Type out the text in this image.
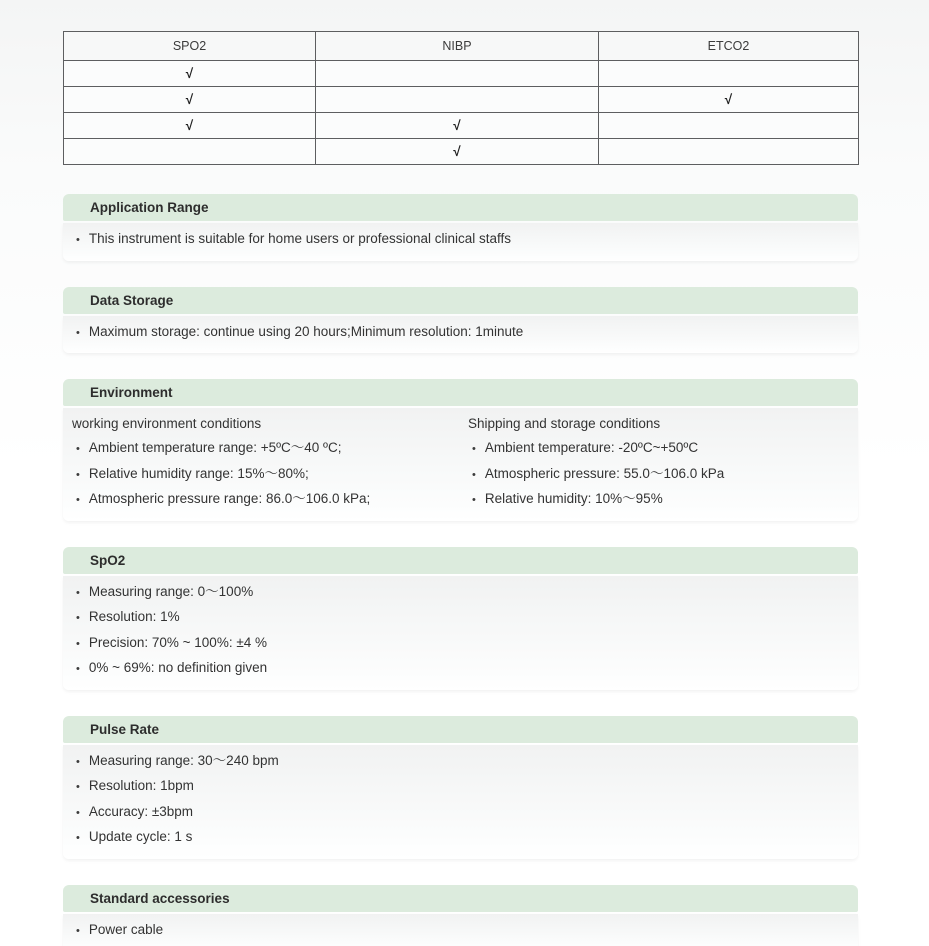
SPO2	NIBP	ETCO2
√		
√		√
√	√	
	√	
Application Range
• This instrument is suitable for home users or professional clinical staffs
Data Storage
• Maximum storage: continue using 20 hours;Minimum resolution: 1minute
Environment
working environment conditions
• Ambient temperature range: +5ºC～40 ºC;
• Relative humidity range: 15%～80%;
• Atmospheric pressure range: 86.0～106.0 kPa;
Shipping and storage conditions
• Ambient temperature: -20ºC~+50ºC
• Atmospheric pressure: 55.0～106.0 kPa
• Relative humidity: 10%～95%
SpO2
• Measuring range: 0～100%
• Resolution: 1%
• Precision: 70% ~ 100%: ±4 %
• 0% ~ 69%: no definition given
Pulse Rate
• Measuring range: 30～240 bpm
• Resolution: 1bpm
• Accuracy: ±3bpm
• Update cycle: 1 s
Standard accessories
• Power cable
